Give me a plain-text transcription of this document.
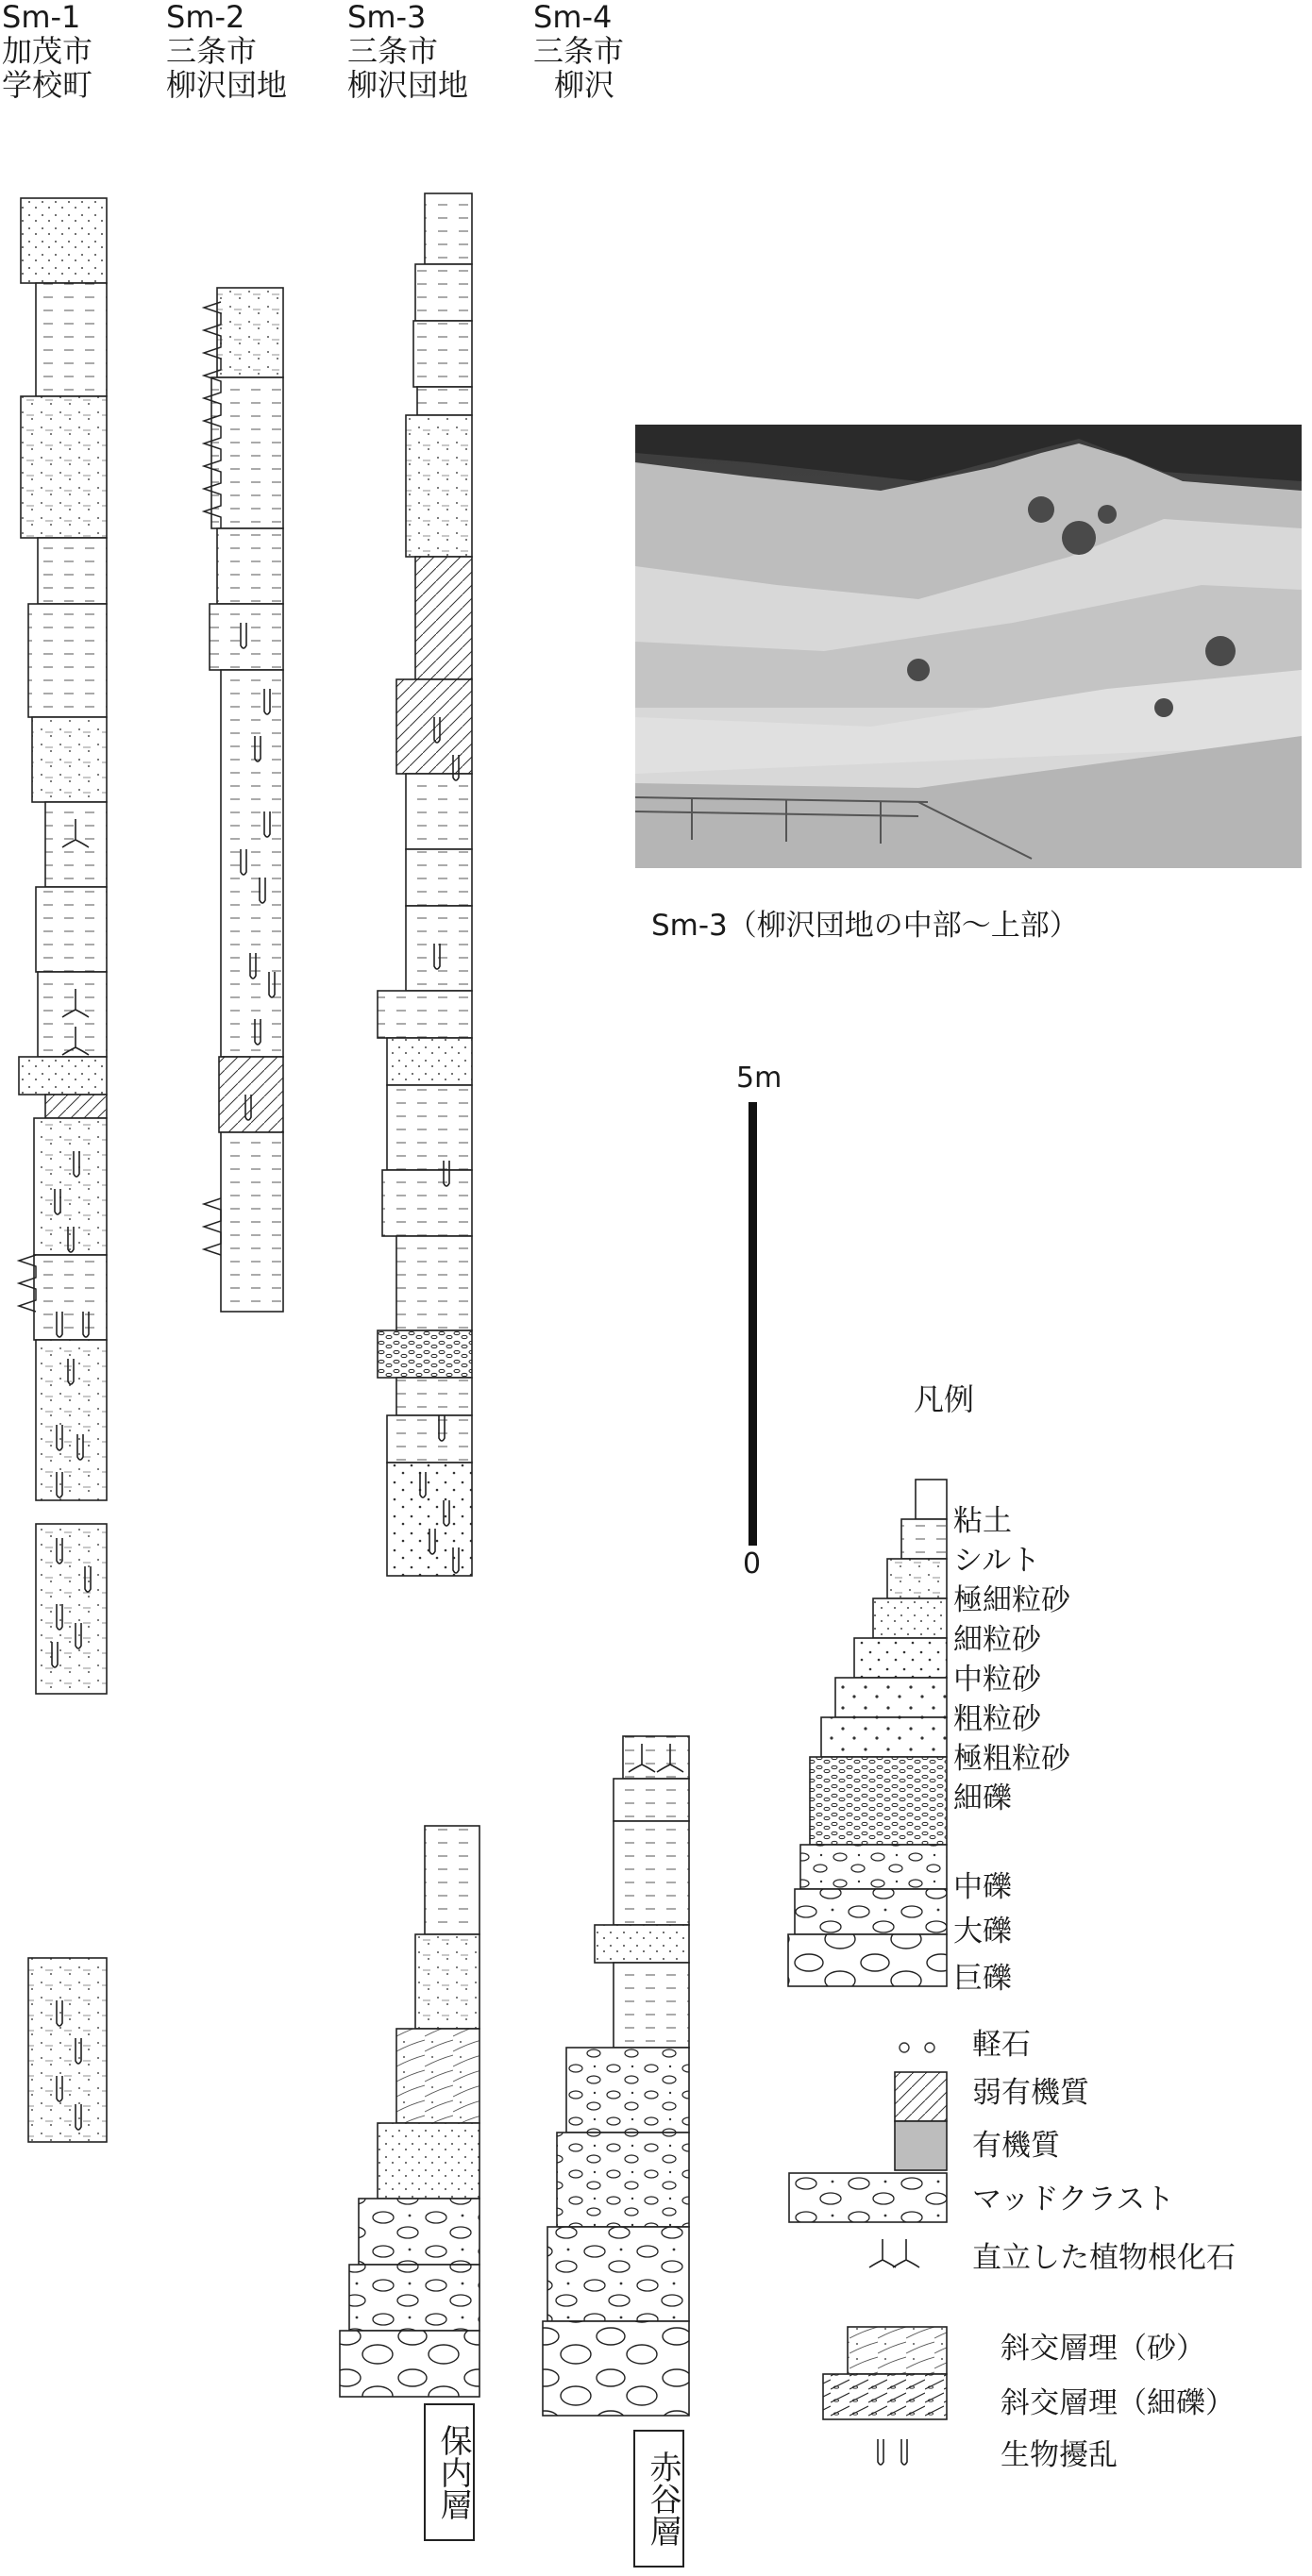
Sm-1
加茂市
学校町
Sm-2
三条市
柳沢団地
Sm-3
三条市
柳沢団地
Sm-4
三条市
柳沢
Sm-3（柳沢団地の中部～上部）
5m
0
凡例
粘土
シルト
極細粒砂
細粒砂
中粒砂
粗粒砂
極粗粒砂
細礫
中礫
大礫
巨礫
軽石
弱有機質
有機質
マッドクラスト
直立した植物根化石
斜交層理（砂）
斜交層理（細礫）
生物擾乱
保内層	赤谷層
